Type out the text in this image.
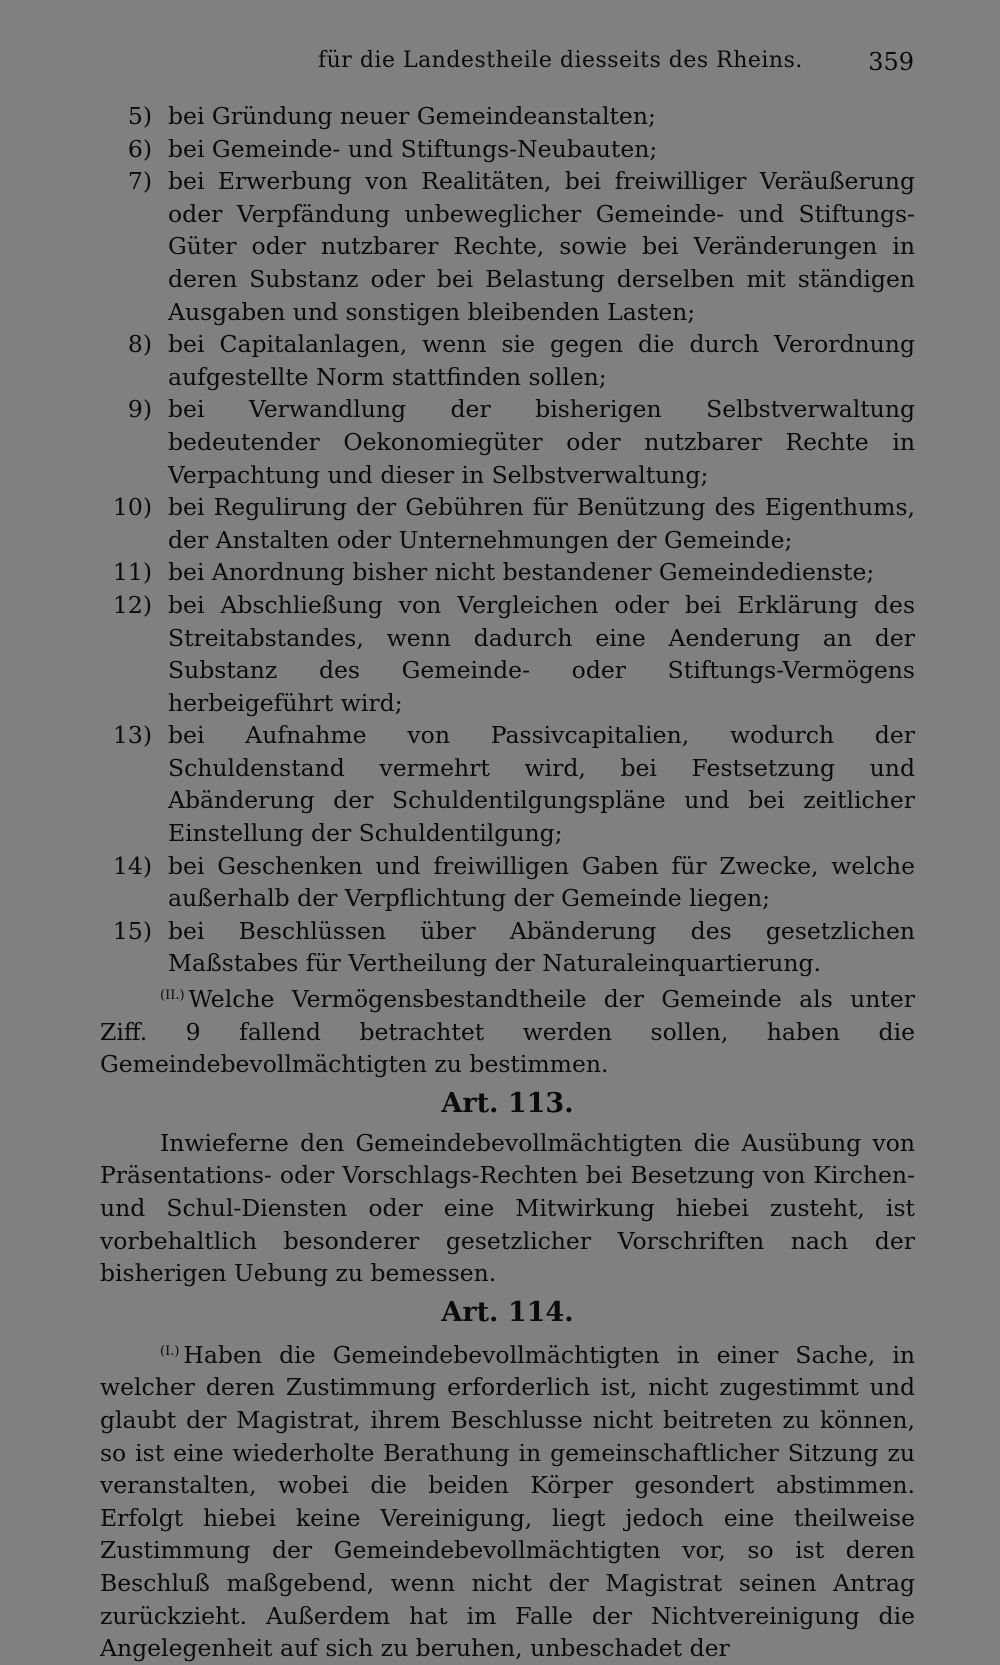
für die Landestheile diesseits des Rheins.	359
5) bei Gründung neuer Gemeindeanstalten;
6) bei Gemeinde- und Stiftungs-Neubauten;
7) bei Erwerbung von Realitäten, bei freiwilliger Veräußerung oder Verpfändung unbeweglicher Gemeinde- und Stiftungs-Güter oder nutzbarer Rechte, sowie bei Veränderungen in deren Substanz oder bei Belastung derselben mit ständigen Ausgaben und sonstigen bleibenden Lasten;
8) bei Capitalanlagen, wenn sie gegen die durch Verordnung aufgestellte Norm stattfinden sollen;
9) bei Verwandlung der bisherigen Selbstverwaltung bedeutender Oekonomiegüter oder nutzbarer Rechte in Verpachtung und dieser in Selbstverwaltung;
10) bei Regulirung der Gebühren für Benützung des Eigenthums, der Anstalten oder Unternehmungen der Gemeinde;
11) bei Anordnung bisher nicht bestandener Gemeindedienste;
12) bei Abschließung von Vergleichen oder bei Erklärung des Streitabstandes, wenn dadurch eine Aenderung an der Substanz des Gemeinde- oder Stiftungs-Vermögens herbeigeführt wird;
13) bei Aufnahme von Passivcapitalien, wodurch der Schuldenstand vermehrt wird, bei Festsetzung und Abänderung der Schuldentilgungspläne und bei zeitlicher Einstellung der Schuldentilgung;
14) bei Geschenken und freiwilligen Gaben für Zwecke, welche außerhalb der Verpflichtung der Gemeinde liegen;
15) bei Beschlüssen über Abänderung des gesetzlichen Maßstabes für Vertheilung der Naturaleinquartierung.

$^{(II.)}$ Welche Vermögensbestandtheile der Gemeinde als unter Ziff. 9 fallend betrachtet werden sollen, haben die Gemeindebevollmächtigten zu bestimmen.

Art. 113.

Inwieferne den Gemeindebevollmächtigten die Ausübung von Präsentations- oder Vorschlags-Rechten bei Besetzung von Kirchen- und Schul-Diensten oder eine Mitwirkung hiebei zusteht, ist vorbehaltlich besonderer gesetzlicher Vorschriften nach der bisherigen Uebung zu bemessen.

Art. 114.

$^{(I.)}$ Haben die Gemeindebevollmächtigten in einer Sache, in welcher deren Zustimmung erforderlich ist, nicht zugestimmt und glaubt der Magistrat, ihrem Beschlusse nicht beitreten zu können, so ist eine wiederholte Berathung in gemeinschaftlicher Sitzung zu veranstalten, wobei die beiden Körper gesondert abstimmen. Erfolgt hiebei keine Vereinigung, liegt jedoch eine theilweise Zustimmung der Gemeindebevollmächtigten vor, so ist deren Beschluß maßgebend, wenn nicht der Magistrat seinen Antrag zurückzieht. Außerdem hat im Falle der Nichtvereinigung die Angelegenheit auf sich zu beruhen, unbeschadet der
